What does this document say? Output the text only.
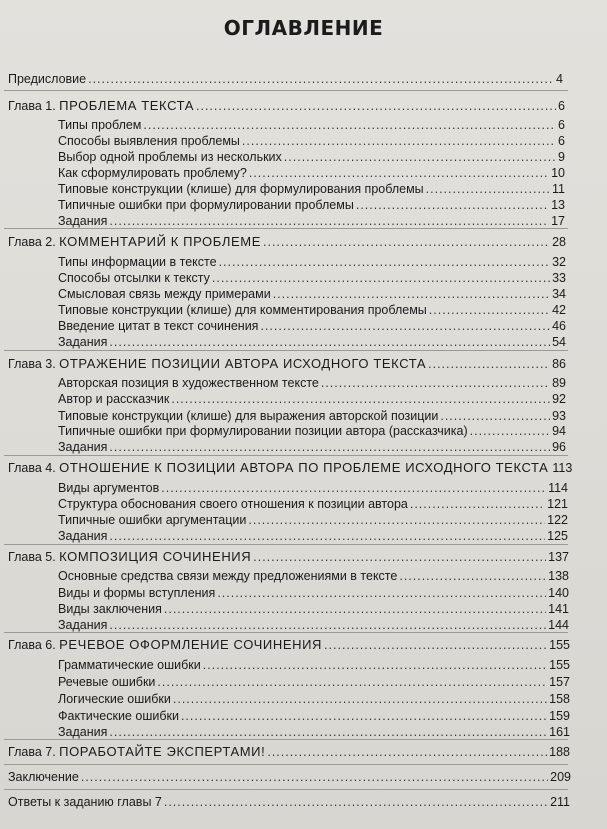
ОГЛАВЛЕНИЕ
Предисловие .....	4
Глава 1. ПРОБЛЕМА ТЕКСТА .....	6
Типы проблем .....	6
Способы выявления проблемы .....	6
Выбор одной проблемы из нескольких .....	9
Как сформулировать проблему? .....	10
Типовые конструкции (клише) для формулирования проблемы .....	11
Типичные ошибки при формулировании проблемы .....	13
Задания .....	17
Глава 2. КОММЕНТАРИЙ К ПРОБЛЕМЕ .....	28
Типы информации в тексте .....	32
Способы отсылки к тексту .....	33
Смысловая связь между примерами .....	34
Типовые конструкции (клише) для комментирования проблемы .....	42
Введение цитат в текст сочинения .....	46
Задания .....	54
Глава 3. ОТРАЖЕНИЕ ПОЗИЦИИ АВТОРА ИСХОДНОГО ТЕКСТА .....	86
Авторская позиция в художественном тексте .....	89
Автор и рассказчик .....	92
Типовые конструкции (клише) для выражения авторской позиции .....	93
Типичные ошибки при формулировании позиции автора (рассказчика) .....	94
Задания .....	96
Глава 4. ОТНОШЕНИЕ К ПОЗИЦИИ АВТОРА ПО ПРОБЛЕМЕ ИСХОДНОГО ТЕКСТА 113
Виды аргументов .....	114
Структура обоснования своего отношения к позиции автора .....	121
Типичные ошибки аргументации .....	122
Задания .....	125
Глава 5. КОМПОЗИЦИЯ СОЧИНЕНИЯ .....	137
Основные средства связи между предложениями в тексте .....	138
Виды и формы вступления .....	140
Виды заключения .....	141
Задания .....	144
Глава 6. РЕЧЕВОЕ ОФОРМЛЕНИЕ СОЧИНЕНИЯ .....	155
Грамматические ошибки .....	155
Речевые ошибки .....	157
Логические ошибки .....	158
Фактические ошибки .....	159
Задания .....	161
Глава 7. ПОРАБОТАЙТЕ ЭКСПЕРТАМИ! .....	188
Заключение .....	209
Ответы к заданию главы 7 .....	211
